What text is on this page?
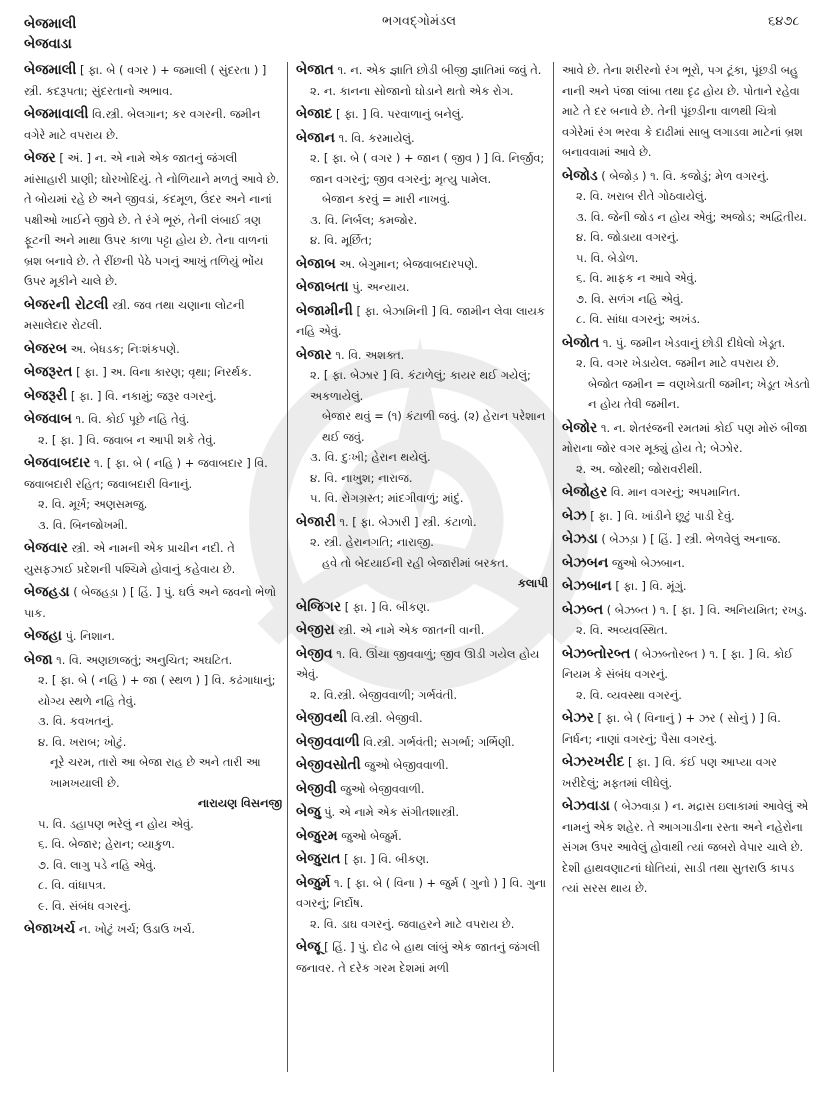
બેજમાલી
બેજવાડા
ભગવદ્ગોમંડલ	૬૪૭૮
બેજમાલી [ ફા. બે ( વગર ) + જમાલી ( સુંદરતા ) ] સ્ત્રી. કદરૂપતા; સુંદરતાનો અભાવ.
બેજમાવાલી વિ.સ્ત્રી. બેલગાન; કર વગરની. જમીન વગેરે માટે વપરાય છે.
બેજર [ અં. ] ન. એ નામે એક જાતનું જંગલી માંસાહારી પ્રાણી; ઘોરખોદિયું. તે નોળિયાને મળતું આવે છે. તે બોયમાં રહે છે અને જીવડાં, કંદમૂળ, ઉંદર અને નાનાં પક્ષીઓ ખાઈને જીવે છે. તે રંગે ભૂરું, તેની લંબાઈ ત્રણ ફૂટની અને માથા ઉપર કાળા પટ્ટા હોય છે. તેના વાળનાં બ્રશ બનાવે છે. તે રીંછની પેઠે પગનું આખું તળિયું ભોંય ઉપર મૂકીને ચાલે છે.
બેજરની રોટલી સ્ત્રી. જવ તથા ચણાના લોટની મસાલેદાર રોટલી.
બેજરબ અ. બેધડક; નિઃશંકપણે.
બેજરૂરત [ ફા. ] અ. વિના કારણ; વૃથા; નિરર્થક.
બેજરૂરી [ ફા. ] વિ. નકામું; જરૂર વગરનું.
બેજવાબ ૧. વિ. કોઈ પૂછે નહિ તેવું.
૨. [ ફા. ] વિ. જવાબ ન આપી શકે તેવું.
બેજવાબદાર ૧. [ ફા. બે ( નહિ ) + જવાબદાર ] વિ. જવાબદારી રહિત; જવાબદારી વિનાનું.
૨. વિ. મૂર્ખ; અણસમજુ.
૩. વિ. બિનજોખમી.
બેજવાર સ્ત્રી. એ નામની એક પ્રાચીન નદી. તે યુસફઝાઈ પ્રદેશની પશ્ચિમે હોવાનું કહેવાય છે.
બેજહડા ( બેજહડ઼ા ) [ હિં. ] પું. ઘઉં અને જવનો ભેળો પાક.
બેજહા પું. નિશાન.
બેજા ૧. વિ. અણછાજતું; અનુચિત; અઘટિત.
૨. [ ફા. બે ( નહિ ) + જા ( સ્થળ ) ] વિ. કઢંગાધાનું; યોગ્ય સ્થળે નહિ તેવું.
૩. વિ. કવખતનું.
૪. વિ. ખરાબ; ખોટું.
નૂરે ચરમ, તારો આ બેજા રાહ છે અને તારી આ ખામખયાલી છે.
નારાયણ વિસનજી
૫. વિ. ડહાપણ ભરેલું ન હોય એવું.
૬. વિ. બેજાર; હેરાન; વ્યાકુળ.
૭. વિ. લાગુ પડે નહિ એવું.
૮. વિ. વાંધાપત્ર.
૯. વિ. સંબંધ વગરનું.
બેજાખર્ચ ન. ખોટું ખર્ચ; ઉડાઉ ખર્ચ.
બેજાત ૧. ન. એક જ્ઞાતિ છોડી બીજી જ્ઞાતિમાં જવું તે.
૨. ન. કાનના સોજાનો ઘોડાને થતો એક રોગ.
બેજાદ [ ફા. ] વિ. પરવાળાનું બનેલું.
બેજાન ૧. વિ. કરમાયેલું.
૨. [ ફા. બે ( વગર ) + જાન ( જીવ ) ] વિ. નિર્જીવ; જાન વગરનું; જીવ વગરનું; મૃત્યુ પામેલ.
બેજાન કરવું = મારી નાખવું.
૩. વિ. નિર્બલ; કમજોર.
૪. વિ. મૂર્છિત;
બેજાબ અ. બેગુમાન; બેજવાબદારપણે.
બેજાબતા પું. અન્યાય.
બેજામીની [ ફા. બેઝામિની ] વિ. જામીન લેવા લાયક નહિ એવું.
બેજાર ૧. વિ. અશક્ત.
૨. [ ફા. બેઝાર ] વિ. કંટાળેલું; કાયર થઈ ગયેલું; અકળાયેલું.
બેજાર થવું = (૧) કંટાળી જવું. (૨) હેરાન પરેશાન થઈ જવું.
૩. વિ. દુઃખી; હેરાન થયેલું.
૪. વિ. નાખુશ; નારાજ.
૫. વિ. રોગગ્રસ્ત; માંદગીવાળું; માંદું.
બેજારી ૧. [ ફા. બેઝારી ] સ્ત્રી. કંટાળો.
૨. સ્ત્રી. હેરાનગતિ; નારાજી.
હવે તો બેદયાઈની રહી બેજારીમાં બરકત.
કલાપી
બેજિગર [ ફા. ] વિ. બીકણ.
બેજીરા સ્ત્રી. એ નામે એક જાતની વાની.
બેજીવ ૧. વિ. ઊંચા જીવવાળું; જીવ ઊડી ગયેલ હોય એવું.
૨. વિ.સ્ત્રી. બેજીવવાળી; ગર્ભવંતી.
બેજીવથી વિ.સ્ત્રી. બેજીવી.
બેજીવવાળી વિ.સ્ત્રી. ગર્ભવંતી; સગર્ભા; ગર્ભિણી.
બેજીવસોતી જુઓ બેજીવવાળી.
બેજીવી જુઓ બેજીવવાળી.
બેજુ પું. એ નામે એક સંગીતશાસ્ત્રી.
બેજુરમ જુઓ બેજુર્મ.
બેજુરાત [ ફા. ] વિ. બીકણ.
બેજુર્મ ૧. [ ફા. બે ( વિના ) + જુર્મ ( ગુનો ) ] વિ. ગુના વગરનું; નિર્દોષ.
૨. વિ. ડાઘ વગરનું. જવાહરને માટે વપરાય છે.
બેજૂ [ હિં. ] પું. દોઢ બે હાથ લાંબું એક જાતનું જંગલી જનાવર. તે દરેક ગરમ દેશમાં મળી
આવે છે. તેના શરીરનો રંગ ભૂરો, પગ ટૂંકા, પૂંછડી બહુ નાની અને પંજા લાંબા તથા દૃઢ હોય છે. પોતાને રહેવા માટે તે દર બનાવે છે. તેની પૂંછડીના વાળથી ચિત્રો વગેરેમાં રંગ ભરવા કે દાઢીમાં સાબુ લગાડવા માટેનાં બ્રશ બનાવવામાં આવે છે.
બેજોડ ( બેજોડ઼ ) ૧. વિ. કજોડું; મેળ વગરનું.
૨. વિ. ખરાબ રીતે ગોઠવાયેલું.
૩. વિ. જેની જોડ ન હોય એવું; અજોડ; અદ્વિતીય.
૪. વિ. જોડાયા વગરનું.
૫. વિ. બેડોળ.
૬. વિ. માફક ન આવે એવું.
૭. વિ. સળંગ નહિ એવું.
૮. વિ. સાંધા વગરનું; અખંડ.
બેજોત ૧. પું. જમીન ખેડવાનું છોડી દીધેલો ખેડૂત.
૨. વિ. વગર ખેડાયેલ. જમીન માટે વપરાય છે.
બેજોત જમીન = વણખેડાતી જમીન; ખેડૂત ખેડતો ન હોય તેવી જમીન.
બેજોર ૧. ન. શેતરંજની રમતમાં કોઈ પણ મોરું બીજા મોરાના જોર વગર મૂક્યું હોય તે; બેઝોર.
૨. અ. જોરથી; જોરાવરીથી.
બેજોહર વિ. માન વગરનું; અપમાનિત.
બેઝ [ ફા. ] વિ. ખાંડીને છૂટું પાડી દેવું.
બેઝડા ( બેઝડ઼ા ) [ હિં. ] સ્ત્રી. ભેળવેલું અનાજ.
બેઝબન જુઓ બેઝબાન.
બેઝબાન [ ફા. ] વિ. મૂંગું.
બેઝબ્ત ( બેઝબ્ત ) ૧. [ ફા. ] વિ. અનિયમિત; રખડુ.
૨. વિ. અવ્યવસ્થિત.
બેઝબ્તોરબ્ત ( બેઝબ્તોરબ્ત ) ૧. [ ફા. ] વિ. કોઈ નિયમ કે સંબંધ વગરનું.
૨. વિ. વ્યવસ્થા વગરનું.
બેઝર [ ફા. બે ( વિનાનું ) + ઝર ( સોનું ) ] વિ. નિર્ધન; નાણાં વગરનું; પૈસા વગરનું.
બેઝરખરીદ [ ફા. ] વિ. કંઈ પણ આપ્યા વગર ખરીદેલું; મફતમાં લીધેલું.
બેઝવાડા ( બેઝવાડ઼ા ) ન. મદ્રાસ ઇલાકામાં આવેલું એ નામનું એક શહેર. તે આગગાડીના રસ્તા અને નહેરોના સંગમ ઉપર આવેલું હોવાથી ત્યાં જબરો વેપાર ચાલે છે. દેશી હાથવણાટનાં ધોતિયાં, સાડી તથા સુતરાઉ કાપડ ત્યાં સરસ થાય છે.
